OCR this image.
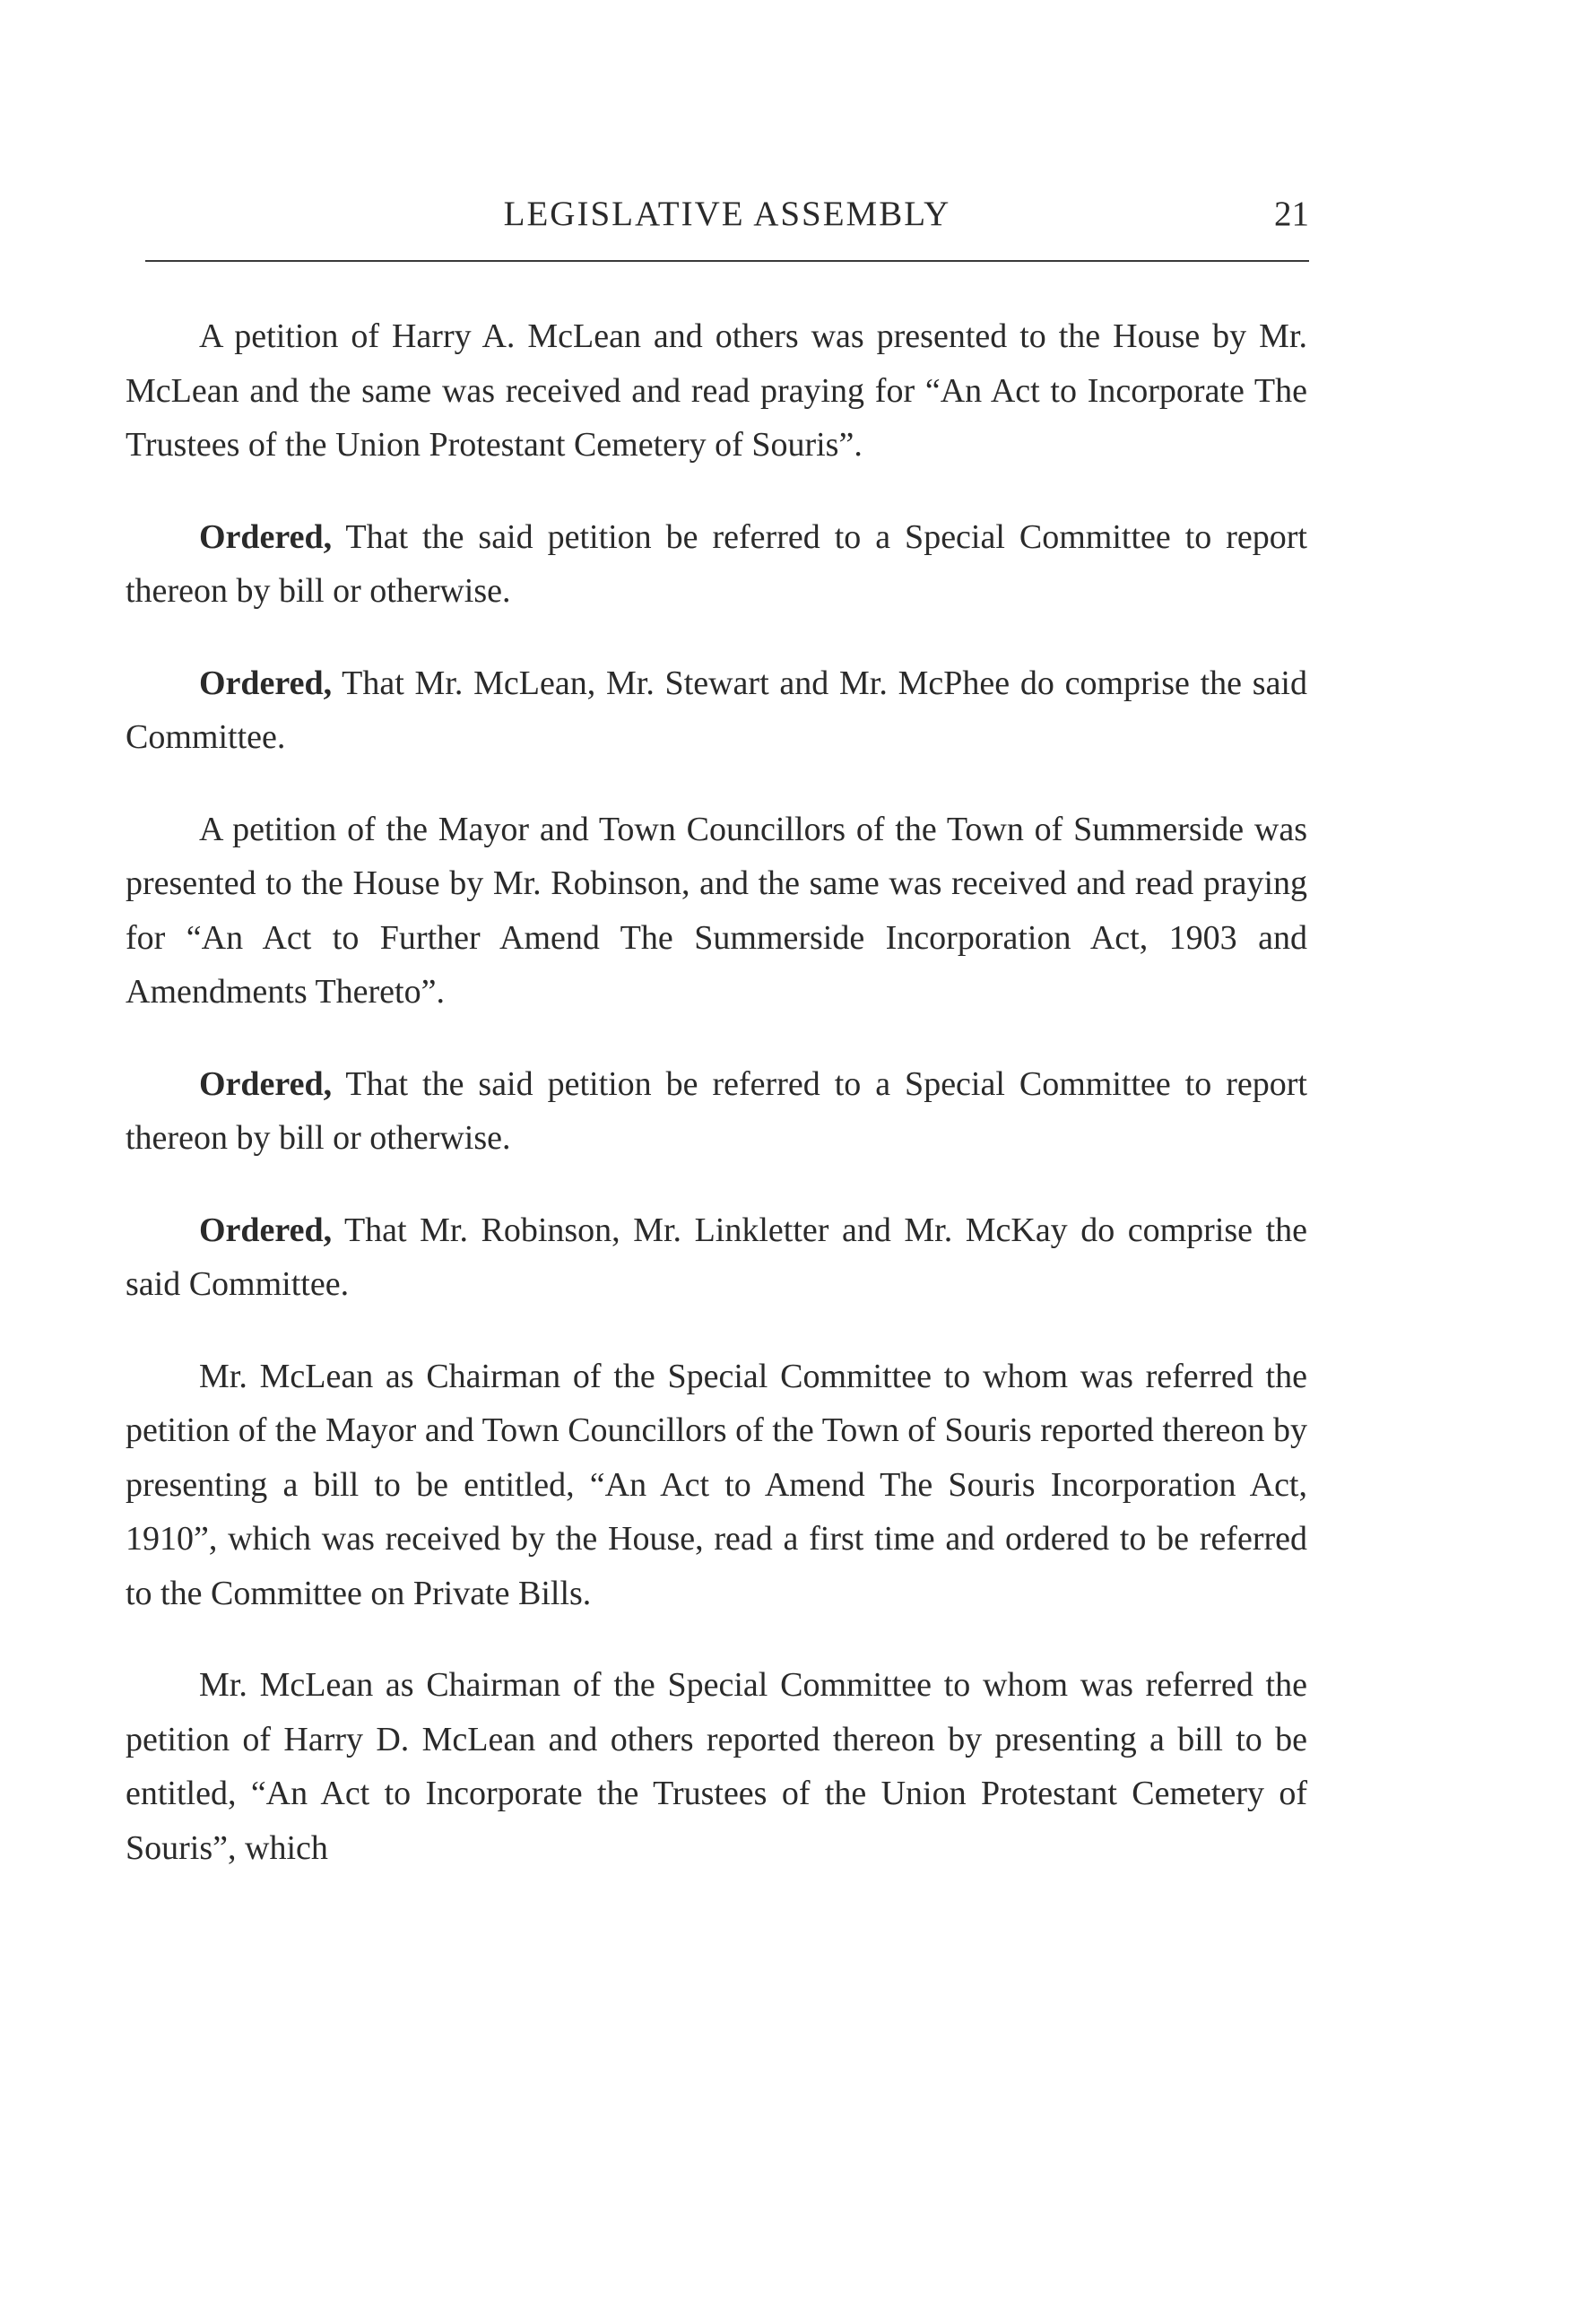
LEGISLATIVE ASSEMBLY	21

A petition of Harry A. McLean and others was presented to the House by Mr. McLean and the same was received and read praying for “An Act to Incorporate The Trustees of the Union Protestant Cemetery of Souris”.

Ordered, That the said petition be referred to a Special Committee to report thereon by bill or otherwise.

Ordered, That Mr. McLean, Mr. Stewart and Mr. McPhee do comprise the said Committee.

A petition of the Mayor and Town Councillors of the Town of Summerside was presented to the House by Mr. Robinson, and the same was received and read praying for “An Act to Further Amend The Summerside Incorporation Act, 1903 and Amendments Thereto”.

Ordered, That the said petition be referred to a Special Committee to report thereon by bill or otherwise.

Ordered, That Mr. Robinson, Mr. Linkletter and Mr. McKay do comprise the said Committee.

Mr. McLean as Chairman of the Special Committee to whom was referred the petition of the Mayor and Town Councillors of the Town of Souris reported thereon by presenting a bill to be entitled, “An Act to Amend The Souris Incorporation Act, 1910”, which was received by the House, read a first time and ordered to be referred to the Committee on Private Bills.

Mr. McLean as Chairman of the Special Committee to whom was referred the petition of Harry D. McLean and others reported thereon by presenting a bill to be entitled, “An Act to Incorporate the Trustees of the Union Protestant Cemetery of Souris”, which
